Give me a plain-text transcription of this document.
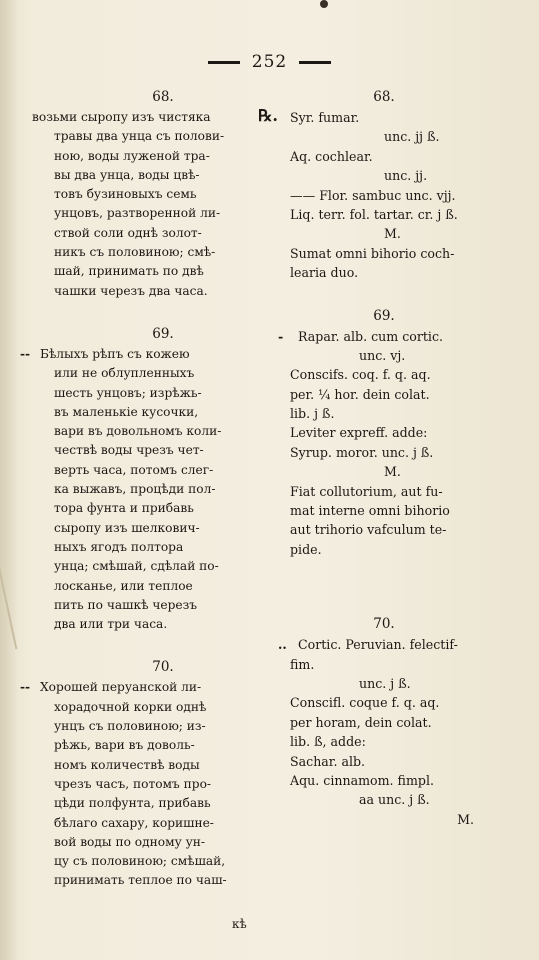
252
℞.
68.
возьми сыропу изъ чистяка
травы два унца съ полови-
ною, воды луженой тра-
вы два унца, воды цвѣ-
товъ бузиновыхъ семь
унцовъ, разтворенной ли-
ствой соли однѣ золот-
никъ съ половиною; смѣ-
шай, принимать по двѣ
чашки черезъ два часа.
69.
-- Бѣлыхъ рѣпъ съ кожею
или не облупленныхъ
шесть унцовъ; изрѣжь-
въ маленькіе кусочки,
вари въ довольномъ коли-
чествѣ воды чрезъ чет-
верть часа, потомъ слег-
ка выжавъ, процѣди пол-
тора фунта и прибавь
сыропу изъ шелкович-
ныхъ ягодъ полтора
унца; смѣшай, сдѣлай по-
лосканье, или теплое
пить по чашкѣ черезъ
два или три часа.
70.
-- Хорошей перуанской ли-
хорадочной корки однѣ
унцъ съ половиною; из-
рѣжь, вари въ доволь-
номъ количествѣ воды
чрезъ часъ, потомъ про-
цѣди полфунта, прибавь
бѣлаго сахару, коришне-
вой воды по одному ун-
цу съ половиною; смѣшай,
принимать теплое по чаш-
68.
Syr. fumar.
unc. jj ß.
Aq. cochlear.
unc. jj.
—— Flor. sambuc unc. vjj.
Liq. terr. fol. tartar. cr. j ß.
M.
Sumat omni bihorio coch-
learia duo.
69.
- Rapar. alb. cum cortic.
unc. vj.
Conscifs. coq. f. q. aq.
per. ¼ hor. dein colat.
lib. j ß.
Leviter expreff. adde:
Syrup. moror. unc. j ß.
M.
Fiat collutorium, aut fu-
mat interne omni bihorio
aut trihorio vafculum te-
pide.
70.
.. Cortic. Peruvian. felectif-
fim.
unc. j ß.
Conscifl. coque f. q. aq.
per horam, dein colat.
lib. ß, adde:
Sachar. alb.
Aqu. cinnamom. fimpl.
aa unc. j ß.
M.
кѣ
